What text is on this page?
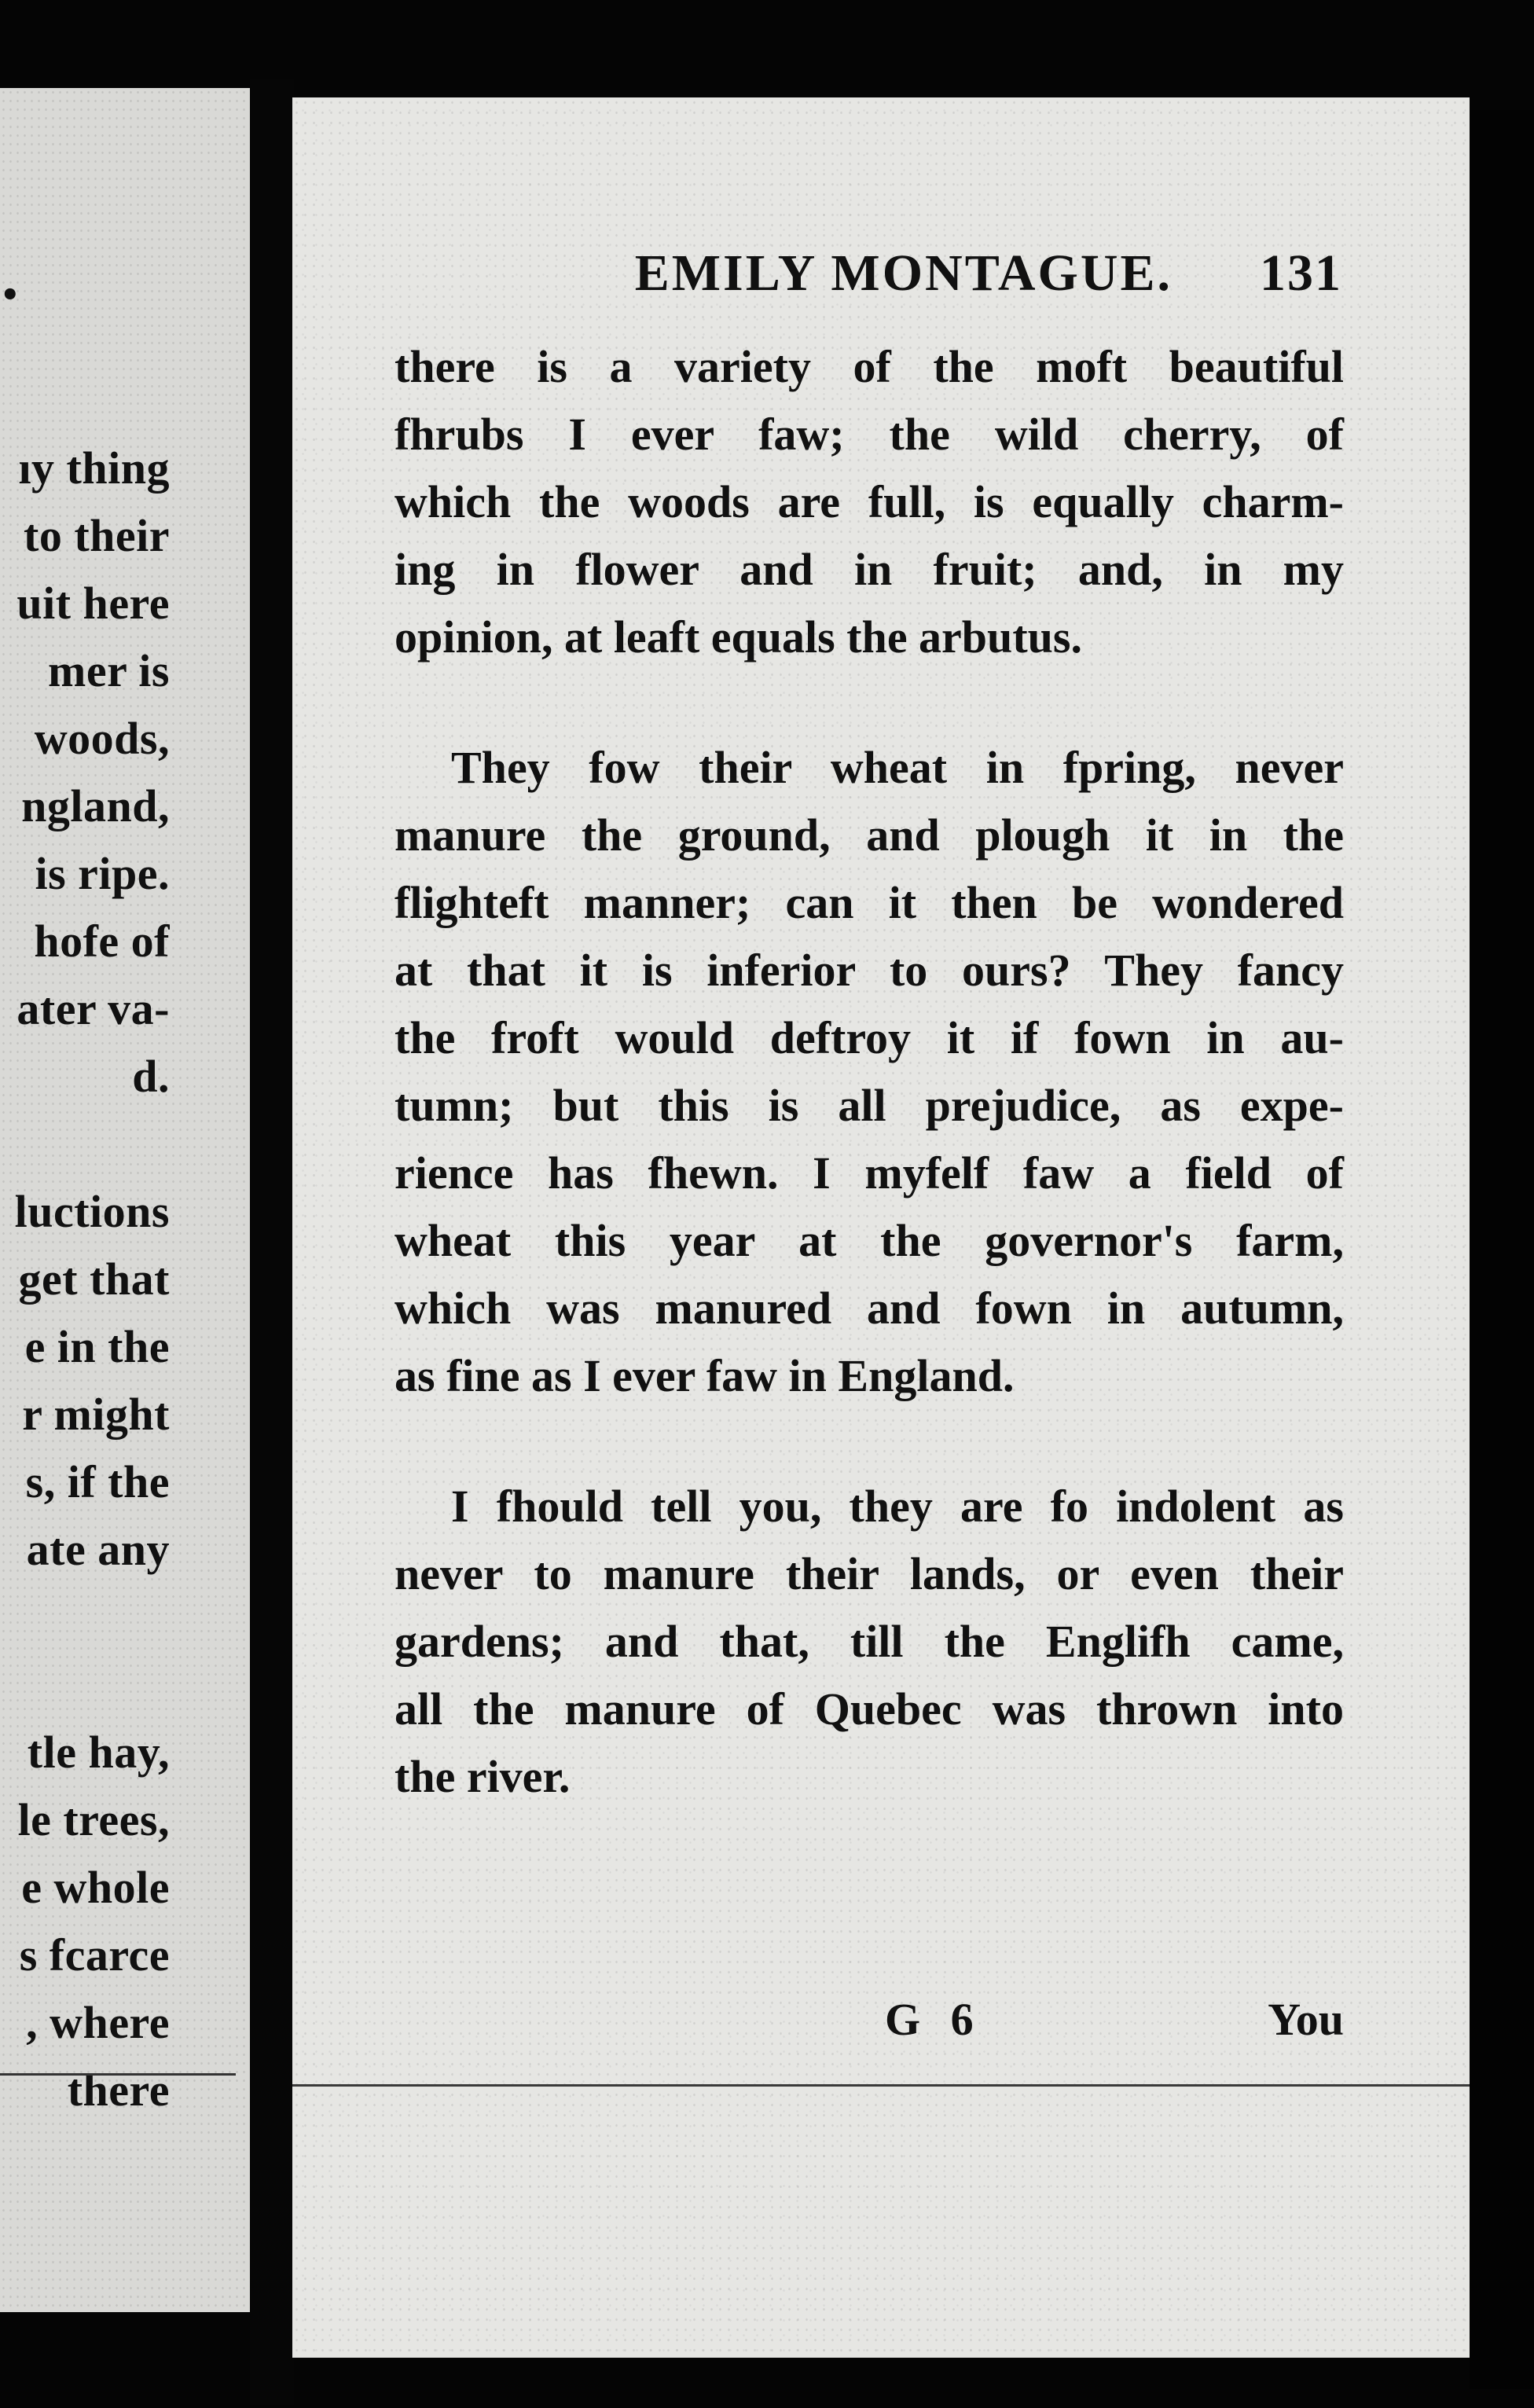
•
ıy thing
to their
uit here
mer is
woods,
ngland,
is ripe.
hofe of
ater va-
d.
luctions
get that
e in the
r might
s, if the
ate any
tle hay,
le trees,
e whole
s fcarce
, where
there
EMILY MONTAGUE. 131

there is a variety of the moft beautiful
fhrubs I ever faw; the wild cherry, of
which the woods are full, is equally charm-
ing in flower and in fruit; and, in my
opinion, at leaft equals the arbutus.

They fow their wheat in fpring, never
manure the ground, and plough it in the
flighteft manner; can it then be wondered
at that it is inferior to ours? They fancy
the froft would deftroy it if fown in au-
tumn; but this is all prejudice, as expe-
rience has fhewn. I myfelf faw a field of
wheat this year at the governor's farm,
which was manured and fown in autumn,
as fine as I ever faw in England.

I fhould tell you, they are fo indolent as
never to manure their lands, or even their
gardens; and that, till the Englifh came,
all the manure of Quebec was thrown into
the river.

G 6	You
